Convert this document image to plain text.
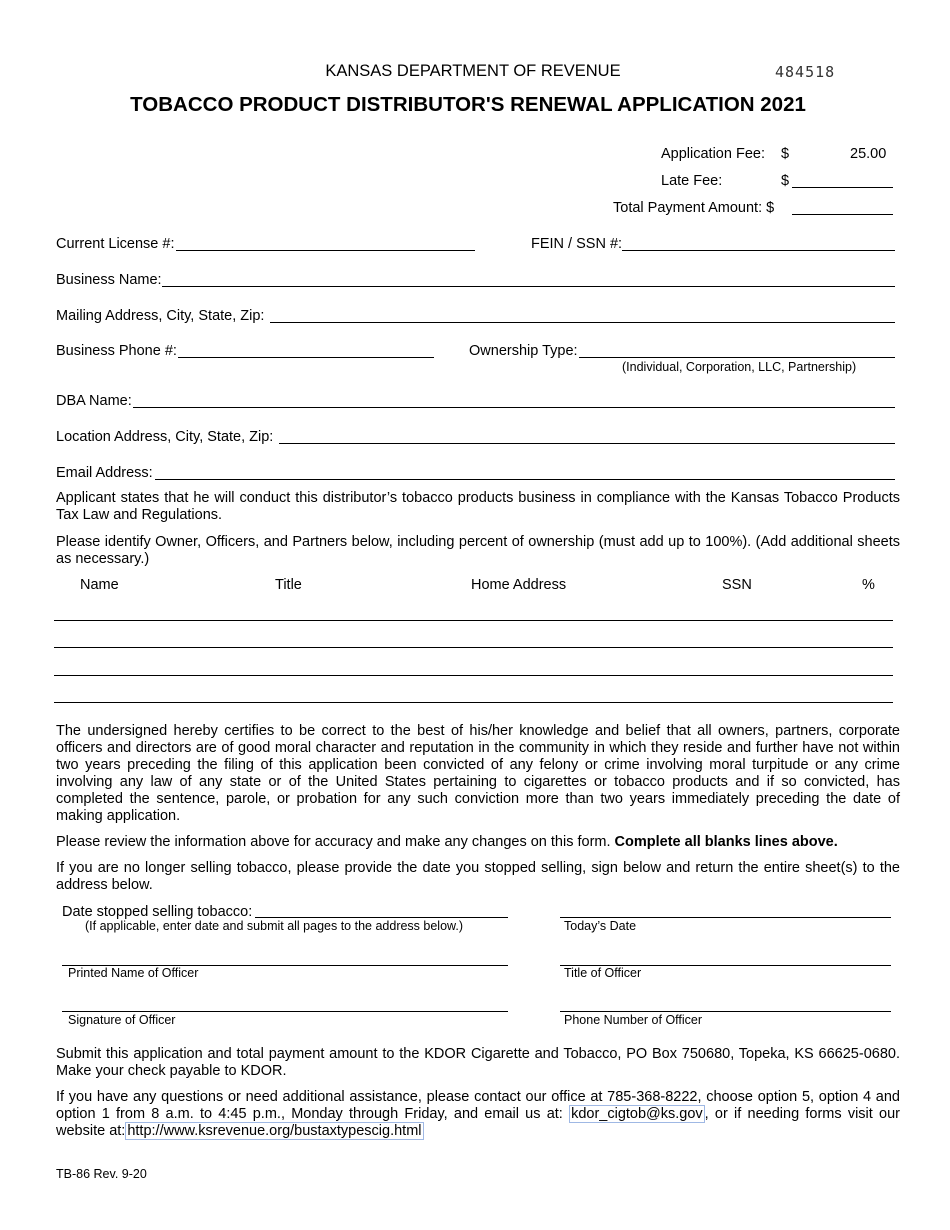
KANSAS DEPARTMENT OF REVENUE	484518
TOBACCO PRODUCT DISTRIBUTOR'S RENEWAL APPLICATION 2021
Application Fee: $	25.00
Late Fee:	$
Total Payment Amount: $
Current License #:	FEIN / SSN #:
Business Name:
Mailing Address, City, State, Zip:
Business Phone #:	Ownership Type:
(Individual, Corporation, LLC, Partnership)
DBA Name:
Location Address, City, State, Zip:
Email Address:
Applicant states that he will conduct this distributor’s tobacco products business in compliance with the Kansas Tobacco Products Tax Law and Regulations.
Please identify Owner, Officers, and Partners below, including percent of ownership (must add up to 100%). (Add additional sheets as necessary.)
Name	Title	Home Address	SSN	%
The undersigned hereby certifies to be correct to the best of his/her knowledge and belief that all owners, partners, corporate officers and directors are of good moral character and reputation in the community in which they reside and further have not within two years preceding the filing of this application been convicted of any felony or crime involving moral turpitude or any crime involving any law of any state or of the United States pertaining to cigarettes or tobacco products and if so convicted, has completed the sentence, parole, or probation for any such conviction more than two years immediately preceding the date of making application.
Please review the information above for accuracy and make any changes on this form. Complete all blanks lines above.
If you are no longer selling tobacco, please provide the date you stopped selling, sign below and return the entire sheet(s) to the address below.
Date stopped selling tobacco:
(If applicable, enter date and submit all pages to the address below.)	Today’s Date
Printed Name of Officer	Title of Officer
Signature of Officer	Phone Number of Officer
Submit this application and total payment amount to the KDOR Cigarette and Tobacco, PO Box 750680, Topeka, KS 66625-0680. Make your check payable to KDOR.
If you have any questions or need additional assistance, please contact our office at 785-368-8222, choose option 5, option 4 and option 1 from 8 a.m. to 4:45 p.m., Monday through Friday, and email us at: kdor_cigtob@ks.gov , or if needing forms visit our website at: http://www.ksrevenue.org/bustaxtypescig.html
TB-86 Rev. 9-20
